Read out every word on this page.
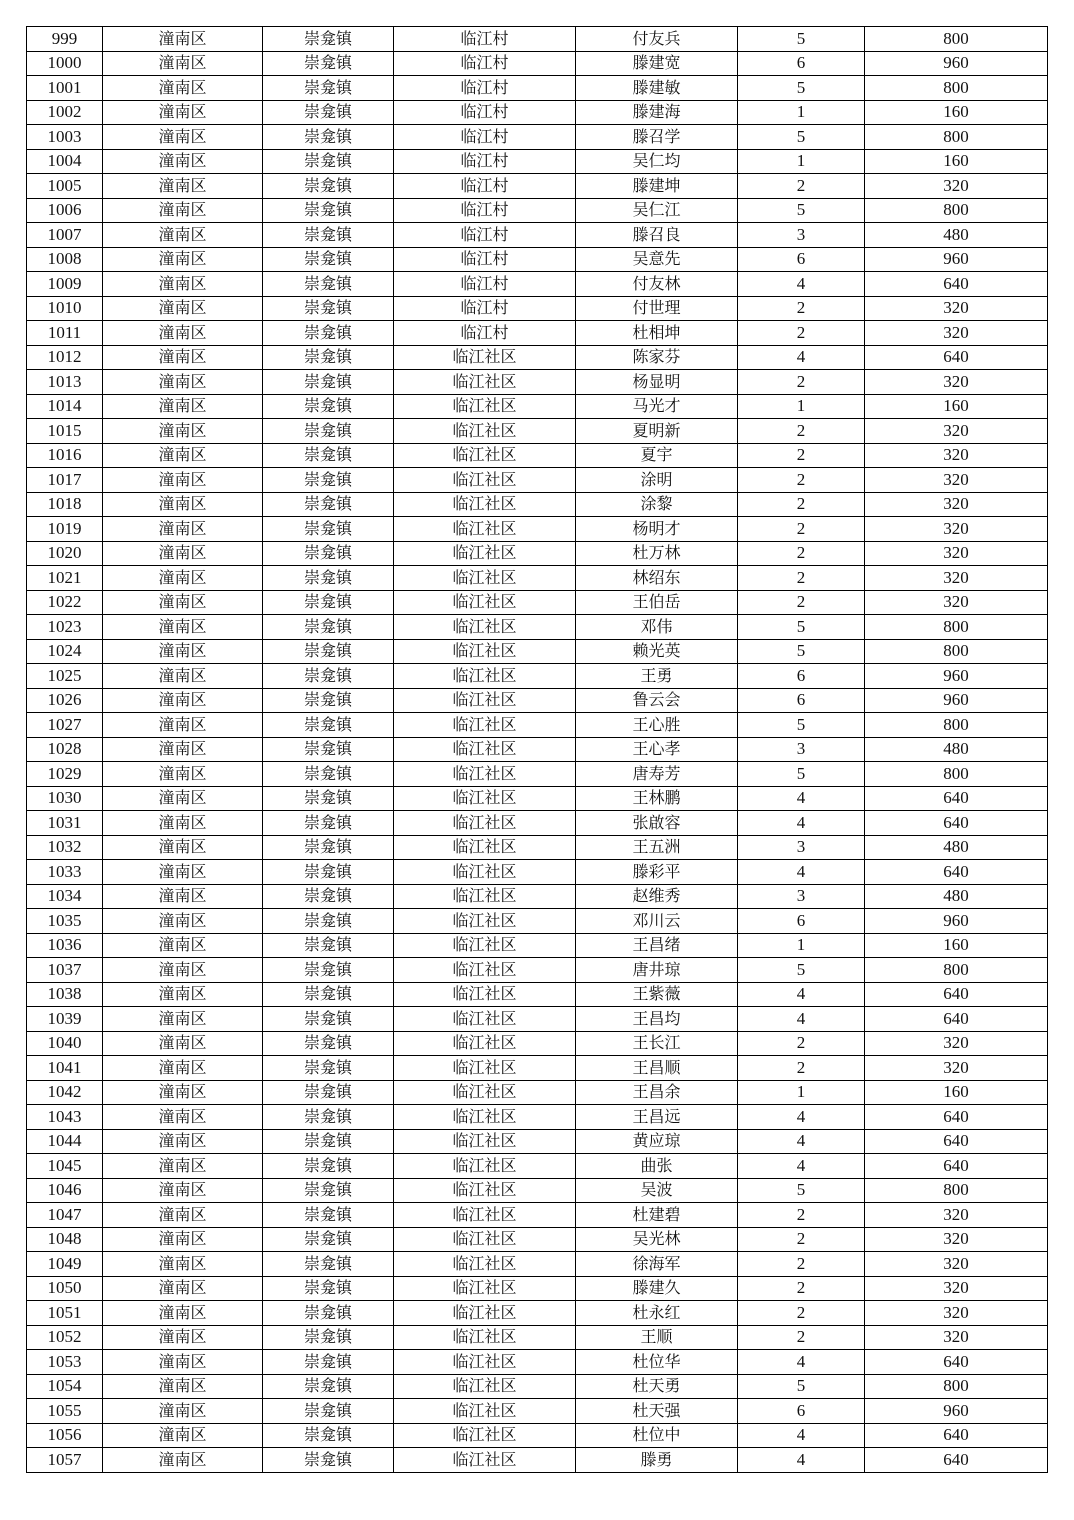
999	潼南区	崇龛镇	临江村	付友兵	5	800
1000	潼南区	崇龛镇	临江村	滕建宽	6	960
1001	潼南区	崇龛镇	临江村	滕建敏	5	800
1002	潼南区	崇龛镇	临江村	滕建海	1	160
1003	潼南区	崇龛镇	临江村	滕召学	5	800
1004	潼南区	崇龛镇	临江村	吴仁均	1	160
1005	潼南区	崇龛镇	临江村	滕建坤	2	320
1006	潼南区	崇龛镇	临江村	吴仁江	5	800
1007	潼南区	崇龛镇	临江村	滕召良	3	480
1008	潼南区	崇龛镇	临江村	吴意先	6	960
1009	潼南区	崇龛镇	临江村	付友林	4	640
1010	潼南区	崇龛镇	临江村	付世理	2	320
1011	潼南区	崇龛镇	临江村	杜相坤	2	320
1012	潼南区	崇龛镇	临江社区	陈家芬	4	640
1013	潼南区	崇龛镇	临江社区	杨显明	2	320
1014	潼南区	崇龛镇	临江社区	马光才	1	160
1015	潼南区	崇龛镇	临江社区	夏明新	2	320
1016	潼南区	崇龛镇	临江社区	夏宇	2	320
1017	潼南区	崇龛镇	临江社区	涂明	2	320
1018	潼南区	崇龛镇	临江社区	涂黎	2	320
1019	潼南区	崇龛镇	临江社区	杨明才	2	320
1020	潼南区	崇龛镇	临江社区	杜万林	2	320
1021	潼南区	崇龛镇	临江社区	林绍东	2	320
1022	潼南区	崇龛镇	临江社区	王伯岳	2	320
1023	潼南区	崇龛镇	临江社区	邓伟	5	800
1024	潼南区	崇龛镇	临江社区	赖光英	5	800
1025	潼南区	崇龛镇	临江社区	王勇	6	960
1026	潼南区	崇龛镇	临江社区	鲁云会	6	960
1027	潼南区	崇龛镇	临江社区	王心胜	5	800
1028	潼南区	崇龛镇	临江社区	王心孝	3	480
1029	潼南区	崇龛镇	临江社区	唐寿芳	5	800
1030	潼南区	崇龛镇	临江社区	王林鹏	4	640
1031	潼南区	崇龛镇	临江社区	张啟容	4	640
1032	潼南区	崇龛镇	临江社区	王五洲	3	480
1033	潼南区	崇龛镇	临江社区	滕彩平	4	640
1034	潼南区	崇龛镇	临江社区	赵维秀	3	480
1035	潼南区	崇龛镇	临江社区	邓川云	6	960
1036	潼南区	崇龛镇	临江社区	王昌绪	1	160
1037	潼南区	崇龛镇	临江社区	唐井琼	5	800
1038	潼南区	崇龛镇	临江社区	王紫薇	4	640
1039	潼南区	崇龛镇	临江社区	王昌均	4	640
1040	潼南区	崇龛镇	临江社区	王长江	2	320
1041	潼南区	崇龛镇	临江社区	王昌顺	2	320
1042	潼南区	崇龛镇	临江社区	王昌余	1	160
1043	潼南区	崇龛镇	临江社区	王昌远	4	640
1044	潼南区	崇龛镇	临江社区	黄应琼	4	640
1045	潼南区	崇龛镇	临江社区	曲张	4	640
1046	潼南区	崇龛镇	临江社区	吴波	5	800
1047	潼南区	崇龛镇	临江社区	杜建碧	2	320
1048	潼南区	崇龛镇	临江社区	吴光林	2	320
1049	潼南区	崇龛镇	临江社区	徐海军	2	320
1050	潼南区	崇龛镇	临江社区	滕建久	2	320
1051	潼南区	崇龛镇	临江社区	杜永红	2	320
1052	潼南区	崇龛镇	临江社区	王顺	2	320
1053	潼南区	崇龛镇	临江社区	杜位华	4	640
1054	潼南区	崇龛镇	临江社区	杜天勇	5	800
1055	潼南区	崇龛镇	临江社区	杜天强	6	960
1056	潼南区	崇龛镇	临江社区	杜位中	4	640
1057	潼南区	崇龛镇	临江社区	滕勇	4	640
